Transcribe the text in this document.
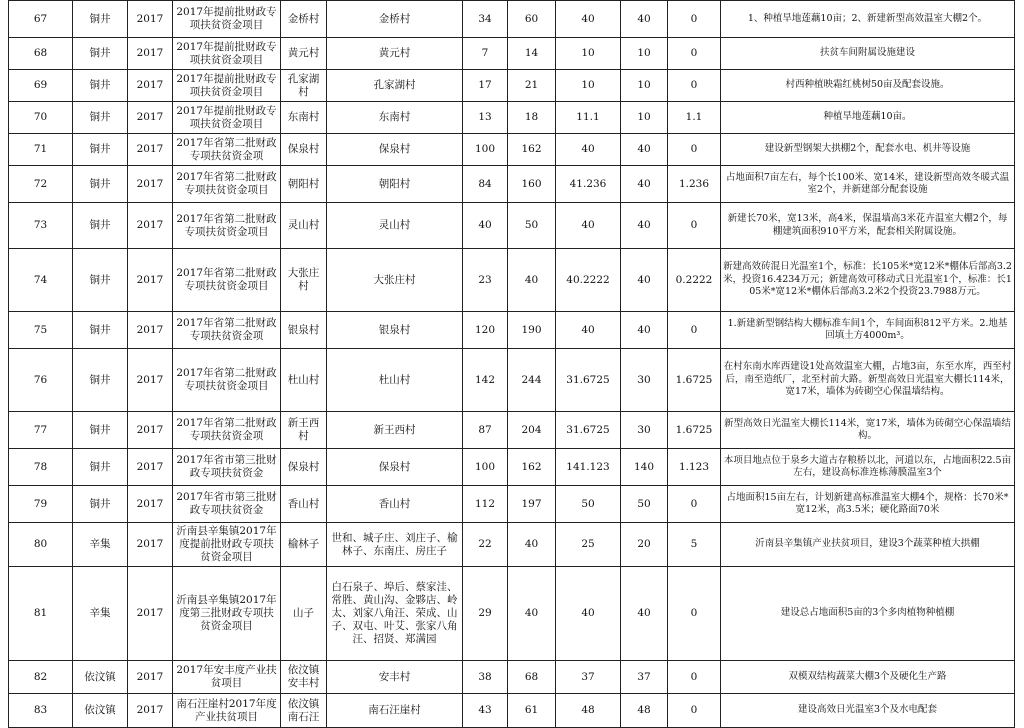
67	铜井	2017	2017年提前批财政专项扶贫资金项目	金桥村	金桥村	34	60	40	40	0	1、种植旱地莲藕10亩；2、新建新型高效温室大棚2个。
68	铜井	2017	2017年提前批财政专项扶贫资金项目	黄元村	黄元村	7	14	10	10	0	扶贫车间附属设施建设
69	铜井	2017	2017年提前批财政专项扶贫资金项目	孔家湖村	孔家湖村	17	21	10	10	0	村西种植映霜红桃树50亩及配套设施。
70	铜井	2017	2017年提前批财政专项扶贫资金项目	东南村	东南村	13	18	11.1	10	1.1	种植旱地莲藕10亩。
71	铜井	2017	2017年省第二批财政专项扶贫资金项	保泉村	保泉村	100	162	40	40	0	建设新型钢架大拱棚2个，配套水电、机井等设施
72	铜井	2017	2017年省第二批财政专项扶贫资金项目	朝阳村	朝阳村	84	160	41.236	40	1.236	占地面积7亩左右，每个长100米、宽14米，建设新型高效冬暖式温室2个，并新建部分配套设施
73	铜井	2017	2017年省第二批财政专项扶贫资金项目	灵山村	灵山村	40	50	40	40	0	新建长70米，宽13米，高4米，保温墙高3米花卉温室大棚2个，每棚建筑面积910平方米，配套相关附属设施。
74	铜井	2017	2017年省第二批财政专项扶贫资金项目	大张庄村	大张庄村	23	40	40.2222	40	0.2222	新建高效砖混日光温室1个，标准：长105米*宽12米*棚体后部高3.2米，投资16.4234万元；新建高效可移动式日光温室1个，标准：长105米*宽12米*棚体后部高3.2米2个投资23.7988万元。
75	铜井	2017	2017年省第二批财政专项扶贫资金项	银泉村	银泉村	120	190	40	40	0	1.新建新型钢结构大棚标准车间1个，车间面积812平方米。2.地基回填土方4000m³。
76	铜井	2017	2017年省第二批财政专项扶贫资金项目	杜山村	杜山村	142	244	31.6725	30	1.6725	在村东南水库西建设1处高效温室大棚，占地3亩，东至水库，西至村后，南至造纸厂，北至村前大路。新型高效日光温室大棚长114米，宽17米，墙体为砖砌空心保温墙结构。
77	铜井	2017	2017年省第二批财政专项扶贫资金项	新王西村	新王西村	87	204	31.6725	30	1.6725	新型高效日光温室大棚长114米，宽17米，墙体为砖砌空心保温墙结构。
78	铜井	2017	2017年省市第三批财政专项扶贫资金	保泉村	保泉村	100	162	141.123	140	1.123	本项目地点位于泉乡大道古存粮桥以北，河道以东，占地面积22.5亩左右，建设高标准连栋薄膜温室3个
79	铜井	2017	2017年省市第三批财政专项扶贫资金	香山村	香山村	112	197	50	50	0	占地面积15亩左右，计划新建高标准温室大棚4个，规格：长70米*宽12米，高3.5米；硬化路面70米
80	辛集	2017	沂南县辛集镇2017年度提前批财政专项扶贫资金项目	榆林子	世和、城子庄、刘庄子、榆林子、东南庄、房庄子	22	40	25	20	5	沂南县辛集镇产业扶贫项目，建设3个蔬菜种植大拱棚
81	辛集	2017	沂南县辛集镇2017年度第三批财政专项扶贫资金项目	山子	白石泉子、埠后、蔡家洼、常胜、黄山沟、金夥店、岭太、刘家八角汪、荣成、山子、双屯、叶艾、张家八角汪、招贤、郑满园	29	40	40	40	0	建设总占地面积5亩的3个多肉植物种植棚
82	依汶镇	2017	2017年安丰度产业扶贫项目	依汶镇安丰村	安丰村	38	68	37	37	0	双模双结构蔬菜大棚3个及硬化生产路
83	依汶镇	2017	南石汪崖村2017年度产业扶贫项目	依汶镇南石汪	南石汪崖村	43	61	48	48	0	建设高效日光温室3个及水电配套
